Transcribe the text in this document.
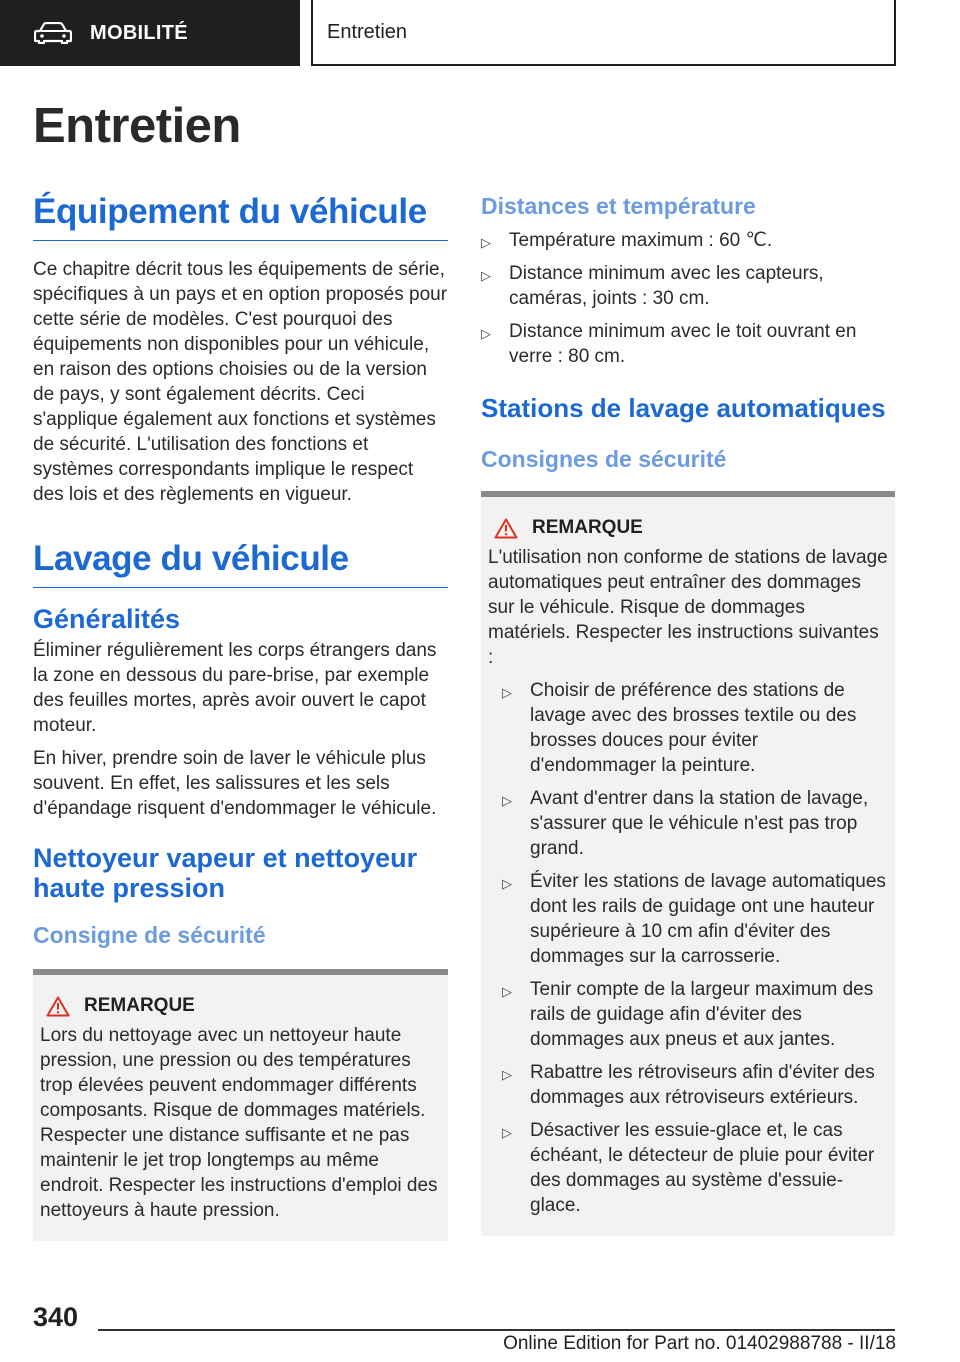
MOBILITÉ	Entretien
Entretien
Équipement du véhicule

Ce chapitre décrit tous les équipements de série, spécifiques à un pays et en option proposés pour cette série de modèles. C'est pourquoi des équipements non disponibles pour un véhicule, en raison des options choisies ou de la version de pays, y sont également décrits. Ceci s'applique également aux fonctions et systèmes de sécurité. L'utilisation des fonctions et systèmes correspondants implique le respect des lois et des règlements en vigueur.

Lavage du véhicule
Généralités

Éliminer régulièrement les corps étrangers dans la zone en dessous du pare-brise, par exemple des feuilles mortes, après avoir ouvert le capot moteur.

En hiver, prendre soin de laver le véhicule plus souvent. En effet, les salissures et les sels d'épandage risquent d'endommager le véhicule.

Nettoyeur vapeur et nettoyeur haute pression
Consigne de sécurité
REMARQUE

Lors du nettoyage avec un nettoyeur haute pression, une pression ou des températures trop élevées peuvent endommager différents composants. Risque de dommages matériels. Respecter une distance suffisante et ne pas maintenir le jet trop longtemps au même endroit. Respecter les instructions d'emploi des nettoyeurs à haute pression.

Distances et température
▷ Température maximum : 60 ℃.
▷ Distance minimum avec les capteurs, caméras, joints : 30 cm.
▷ Distance minimum avec le toit ouvrant en verre : 80 cm.
Stations de lavage automatiques
Consignes de sécurité
REMARQUE

L'utilisation non conforme de stations de lavage automatiques peut entraîner des dommages sur le véhicule. Risque de dommages matériels. Respecter les instructions suivantes :

▷ Choisir de préférence des stations de lavage avec des brosses textile ou des brosses douces pour éviter d'endommager la peinture.
▷ Avant d'entrer dans la station de lavage, s'assurer que le véhicule n'est pas trop grand.
▷ Éviter les stations de lavage automatiques dont les rails de guidage ont une hauteur supérieure à 10 cm afin d'éviter des dommages sur la carrosserie.
▷ Tenir compte de la largeur maximum des rails de guidage afin d'éviter des dommages aux pneus et aux jantes.
▷ Rabattre les rétroviseurs afin d'éviter des dommages aux rétroviseurs extérieurs.
▷ Désactiver les essuie-glace et, le cas échéant, le détecteur de pluie pour éviter des dommages au système d'essuie-glace.
340
Online Edition for Part no. 01402988788 - II/18
